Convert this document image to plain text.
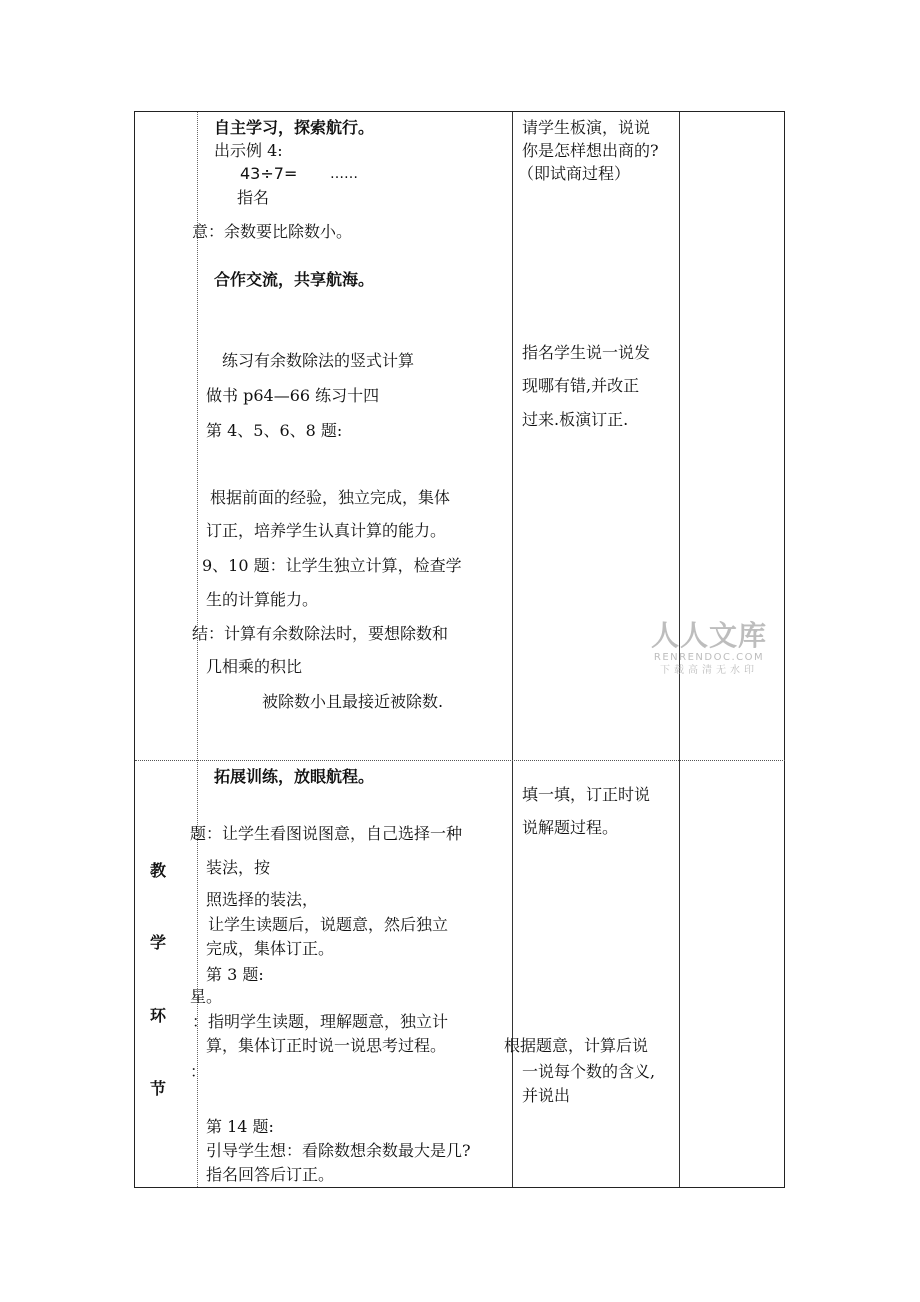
教
学
环
节
自主学习，探索航行。
出示例 4:
43÷7= ……
指名
意：余数要比除数小。
合作交流，共享航海。
练习有余数除法的竖式计算
做书 p64—66 练习十四
第 4、5、6、8 题:
根据前面的经验，独立完成，集体
订正，培养学生认真计算的能力。
9、10 题：让学生独立计算，检查学
生的计算能力。
结：计算有余数除法时，要想除数和
几相乘的积比
被除数小且最接近被除数.
请学生板演，说说
你是怎样想出商的?
（即试商过程）
指名学生说一说发
现哪有错,并改正
过来.板演订正.
拓展训练，放眼航程。
题：让学生看图说图意，自己选择一种
装法，按
照选择的装法，
让学生读题后，说题意，然后独立
完成，集体订正。
第 3 题:
星。
：指明学生读题，理解题意，独立计
算，集体订正时说一说思考过程。
：
第 14 题:
引导学生想：看除数想余数最大是几?
指名回答后订正。
填一填，订正时说
说解题过程。
根据题意，计算后说
一说每个数的含义,
并说出
人人文库
RENRENDOC.COM
下载高清无水印
